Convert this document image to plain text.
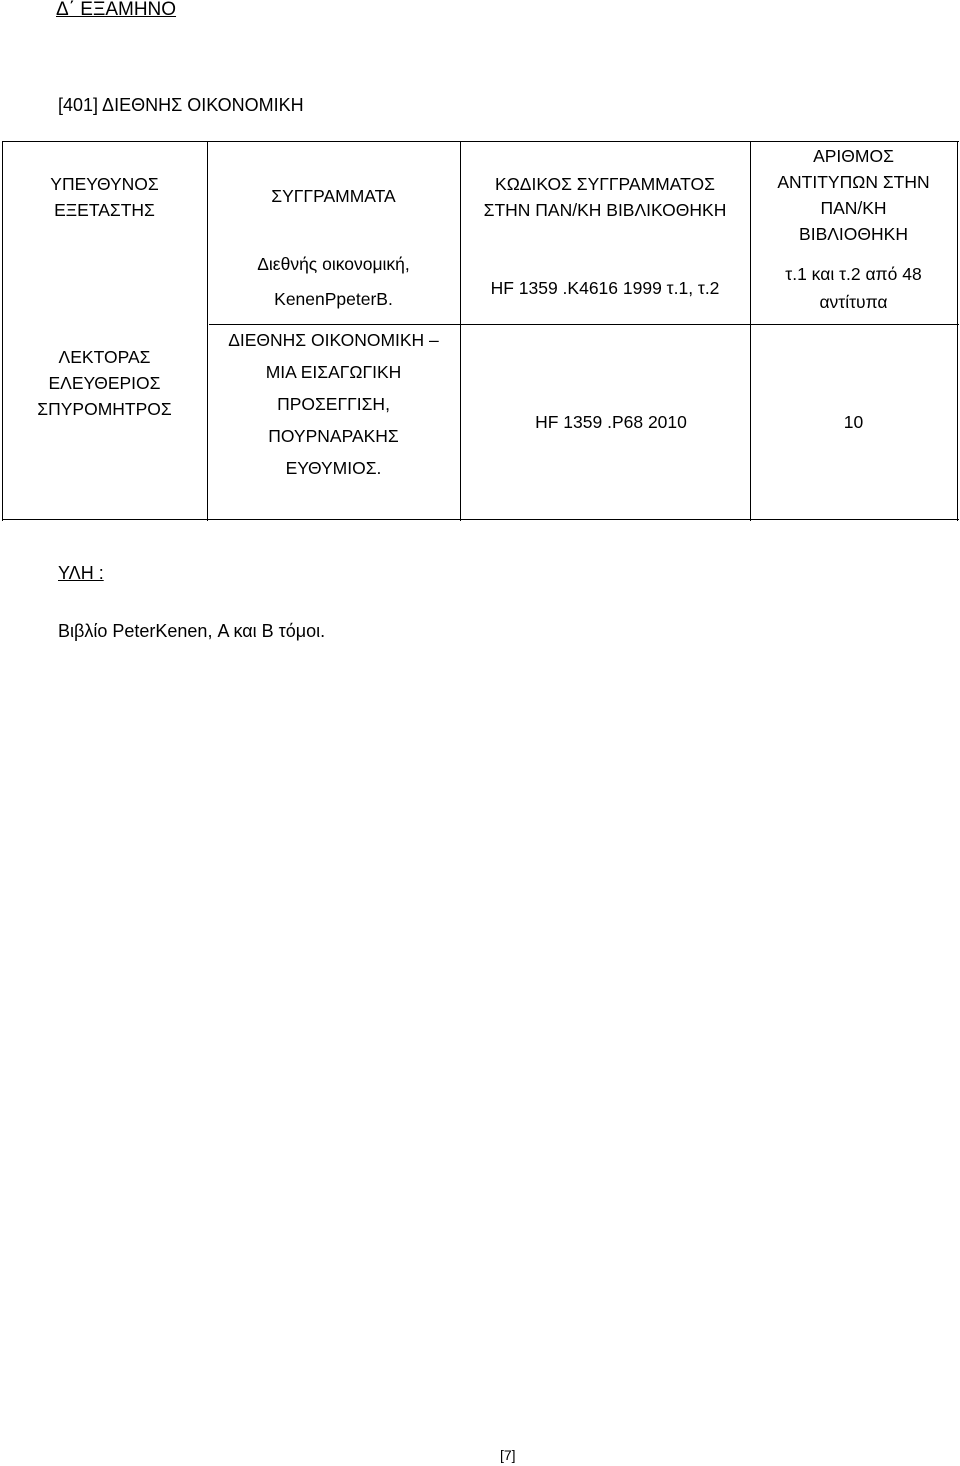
Δ΄ ΕΞΑΜΗΝΟ
[401] ΔΙΕΘΝΗΣ ΟΙΚΟΝΟΜΙΚΗ
ΥΠΕΥΘΥΝΟΣ
ΕΞΕΤΑΣΤΗΣ
ΣΥΓΓΡΑΜΜΑΤΑ
ΚΩΔΙΚΟΣ ΣΥΓΓΡΑΜΜΑΤΟΣ
ΣΤΗΝ ΠΑΝ/ΚΗ ΒΙΒΛΙΚΟΘΗΚΗ
ΑΡΙΘΜΟΣ
ΑΝΤΙΤΥΠΩΝ ΣΤΗΝ
ΠΑΝ/ΚΗ
ΒΙΒΛΙΟΘΗΚΗ
ΛΕΚΤΟΡΑΣ
ΕΛΕΥΘΕΡΙΟΣ
ΣΠΥΡΟΜΗΤΡΟΣ
Διεθνής οικονομική,
KenenPpeterB.
HF 1359 .K4616 1999 τ.1, τ.2
τ.1 και τ.2 από 48
αντίτυπα
ΔΙΕΘΝΗΣ ΟΙΚΟΝΟΜΙΚΗ –
ΜΙΑ ΕΙΣΑΓΩΓΙΚΗ
ΠΡΟΣΕΓΓΙΣΗ,
ΠΟΥΡΝΑΡΑΚΗΣ
ΕΥΘΥΜΙΟΣ.
HF 1359 .P68 2010	10
ΥΛΗ :
Βιβλίο PeterKenen, Α και Β τόμοι.
[7]
